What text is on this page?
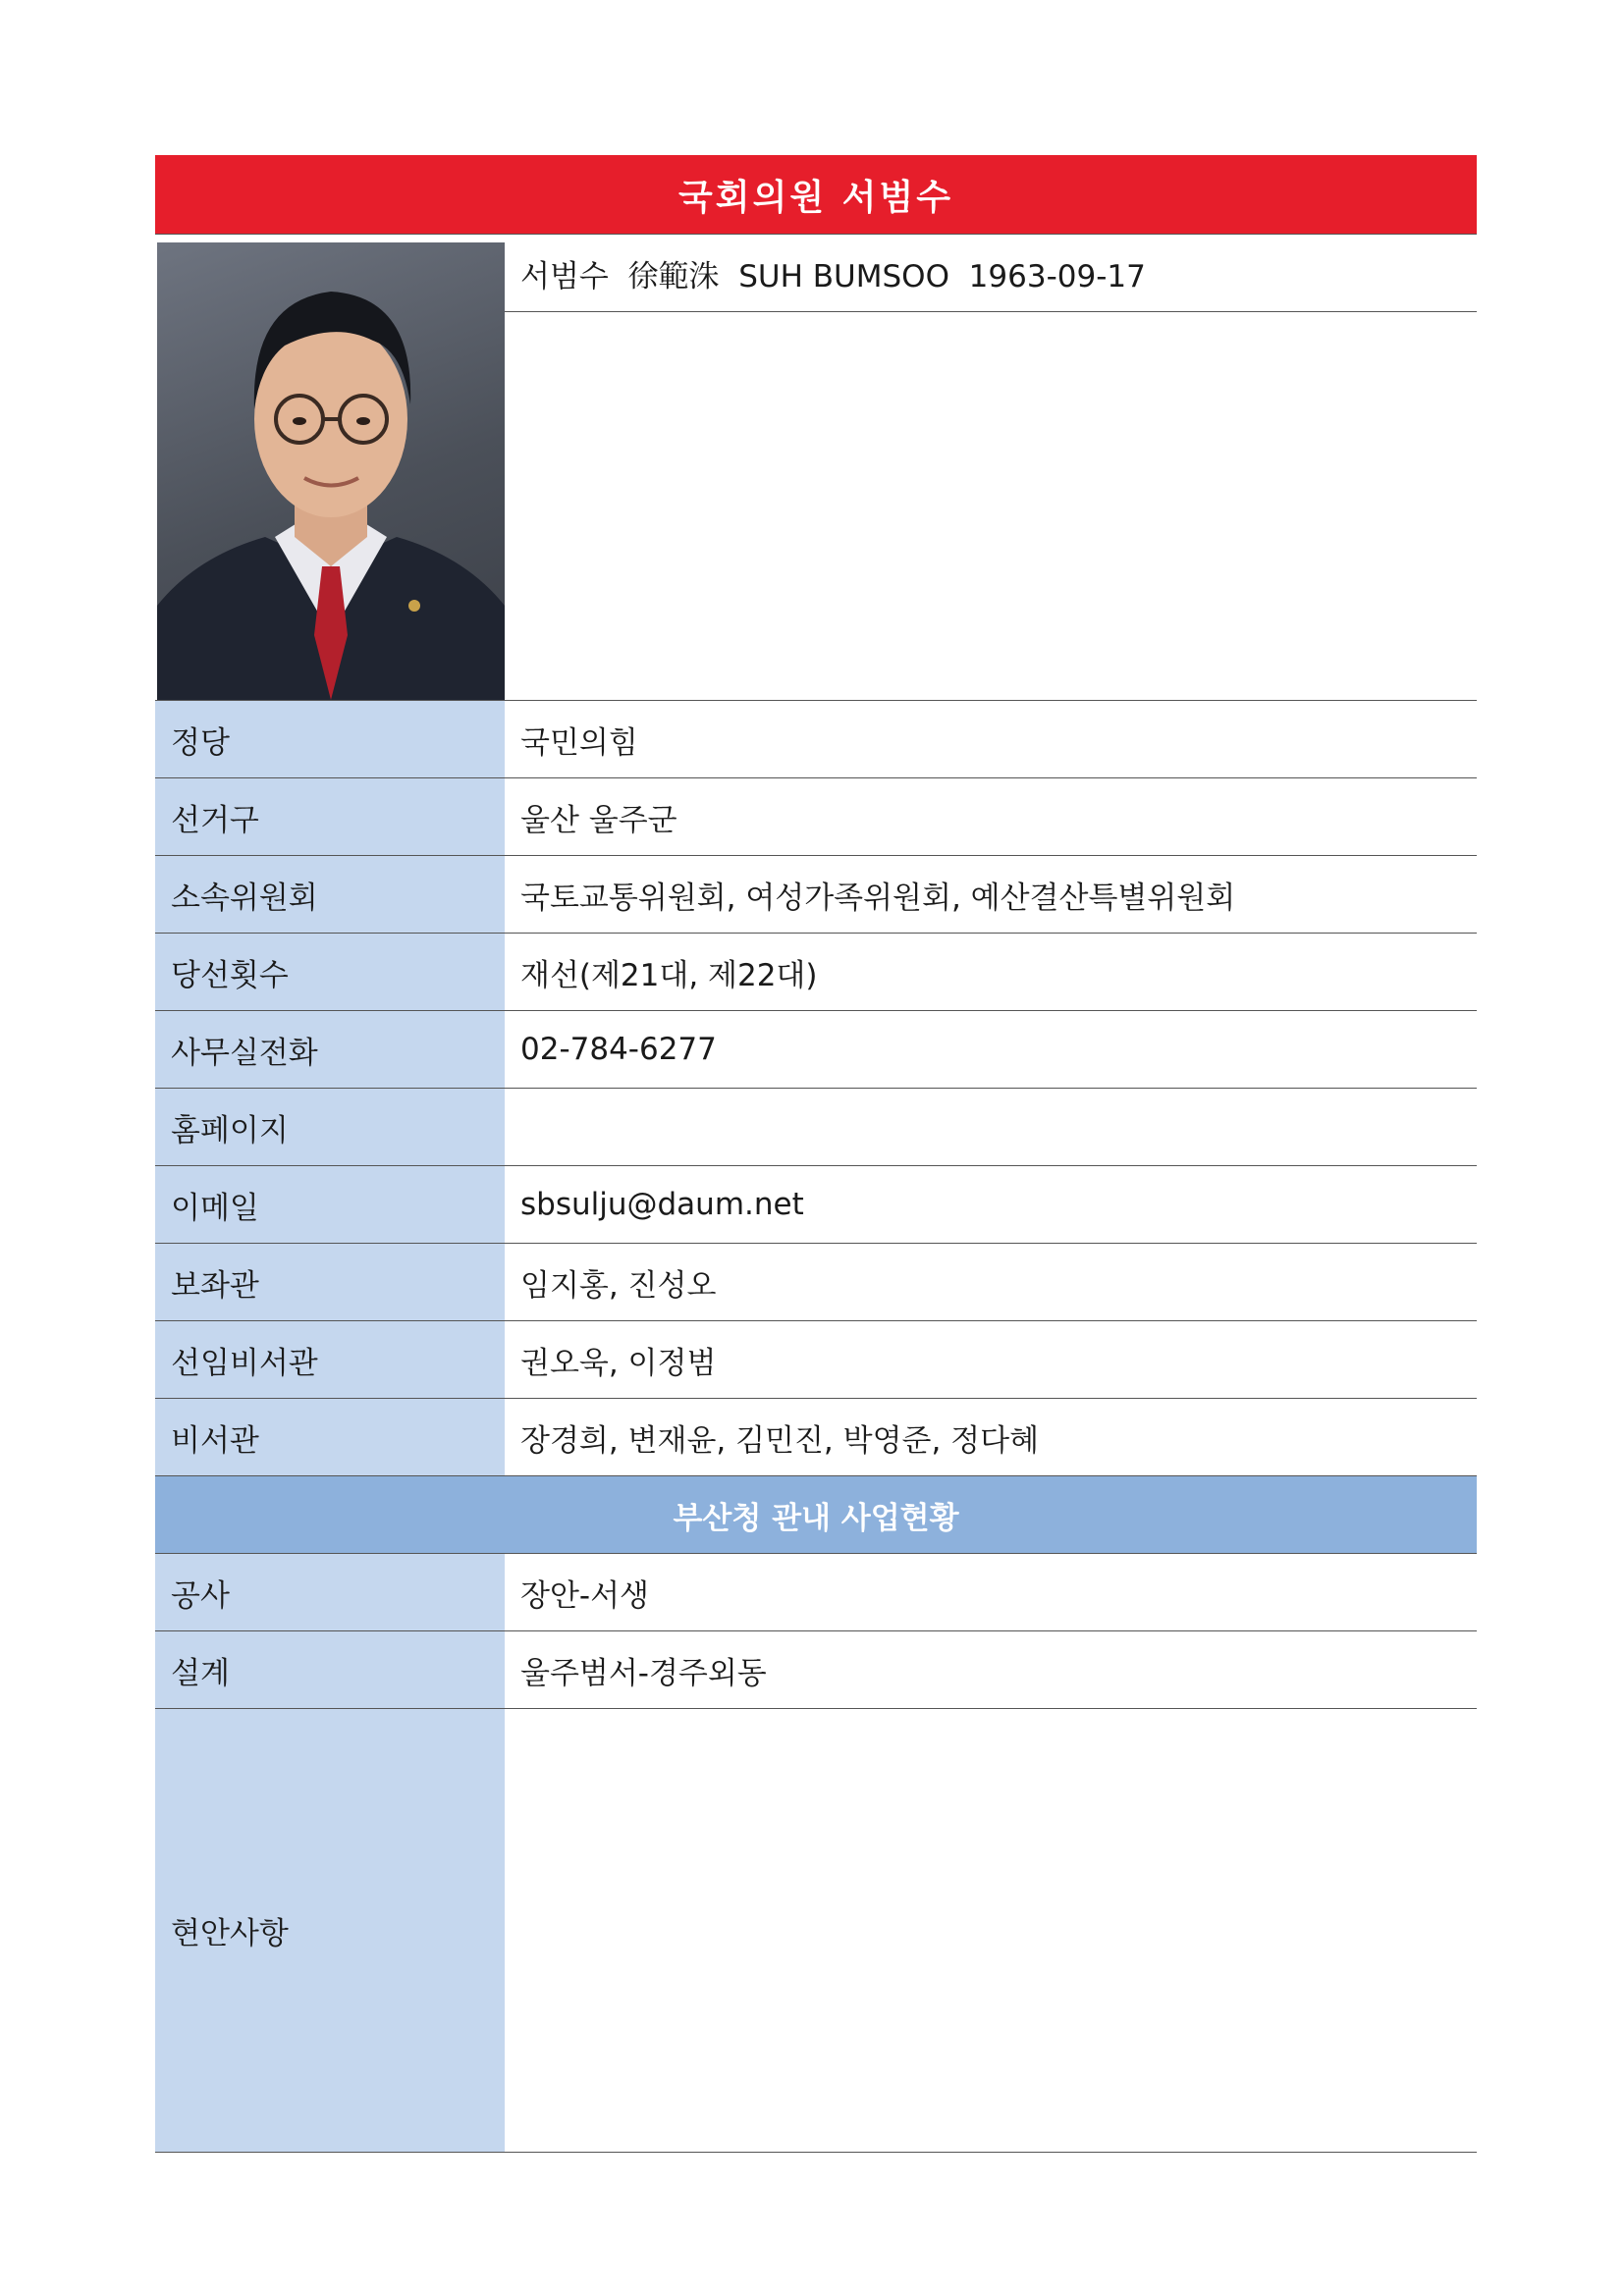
국회의원 서범수
서범수  徐範洙  SUH BUMSOO  1963-09-17
정당	국민의힘
선거구	울산 울주군
소속위원회	국토교통위원회, 여성가족위원회, 예산결산특별위원회
당선횟수	재선(제21대, 제22대)
사무실전화	02-784-6277
홈페이지
이메일	sbsulju@daum.net
보좌관	임지홍, 진성오
선임비서관	권오욱, 이정범
비서관	장경희, 변재윤, 김민진, 박영준, 정다혜
부산청 관내 사업현황
공사	장안-서생
설계	울주범서-경주외동
현안사항
